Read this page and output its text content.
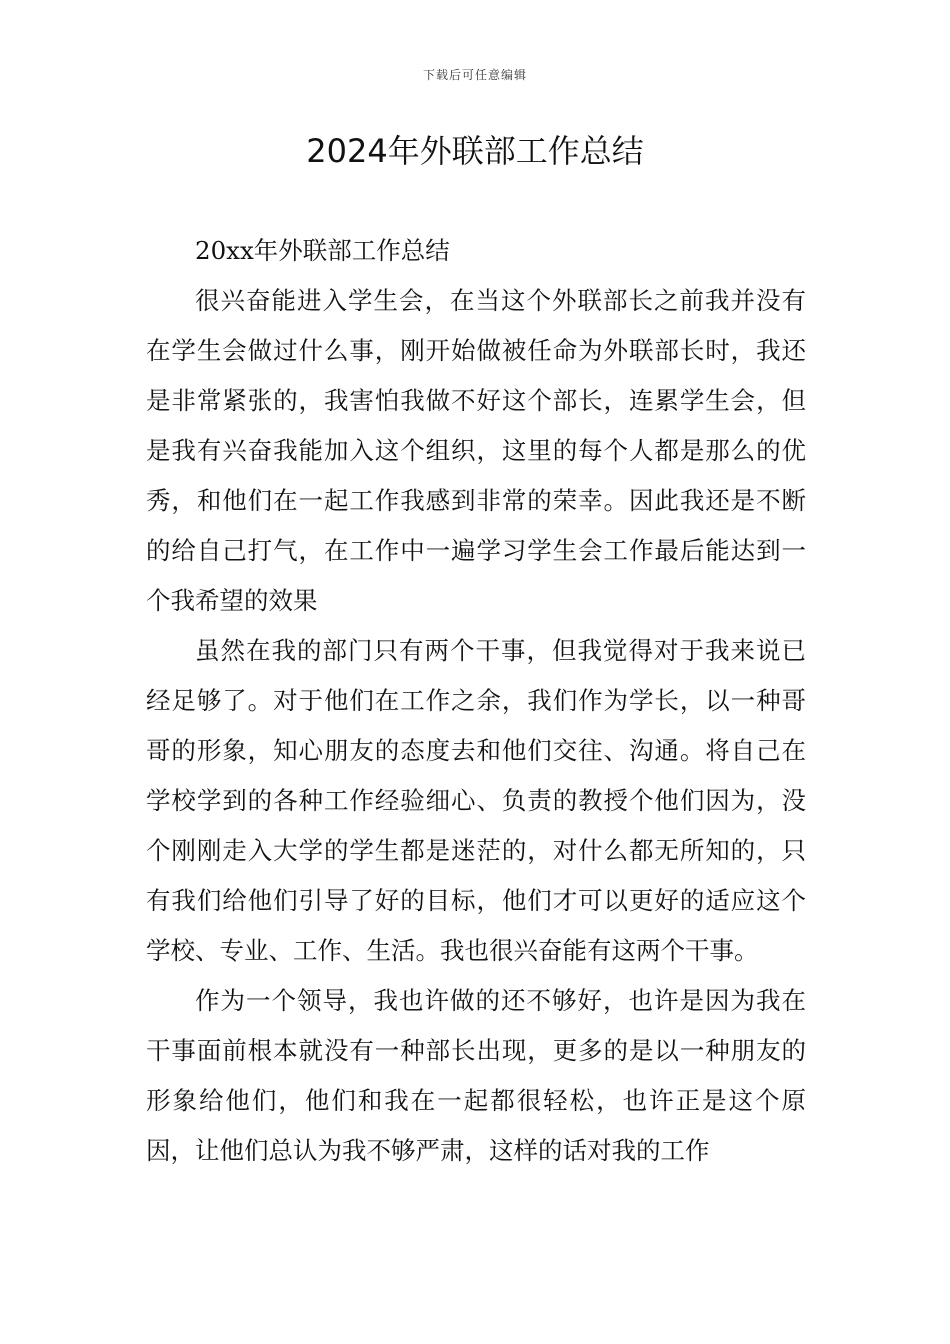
下载后可任意编辑
2024年外联部工作总结

20xx年外联部工作总结

很兴奋能进入学生会，在当这个外联部长之前我并没有在学生会做过什么事，刚开始做被任命为外联部长时，我还是非常紧张的，我害怕我做不好这个部长，连累学生会，但是我有兴奋我能加入这个组织，这里的每个人都是那么的优秀，和他们在一起工作我感到非常的荣幸。因此我还是不断的给自己打气，在工作中一遍学习学生会工作最后能达到一个我希望的效果

虽然在我的部门只有两个干事，但我觉得对于我来说已经足够了。对于他们在工作之余，我们作为学长，以一种哥哥的形象，知心朋友的态度去和他们交往、沟通。将自己在学校学到的各种工作经验细心、负责的教授个他们因为，没个刚刚走入大学的学生都是迷茫的，对什么都无所知的，只有我们给他们引导了好的目标，他们才可以更好的适应这个学校、专业、工作、生活。我也很兴奋能有这两个干事。

作为一个领导，我也许做的还不够好，也许是因为我在干事面前根本就没有一种部长出现，更多的是以一种朋友的形象给他们，他们和我在一起都很轻松，也许正是这个原因，让他们总认为我不够严肃，这样的话对我的工作
